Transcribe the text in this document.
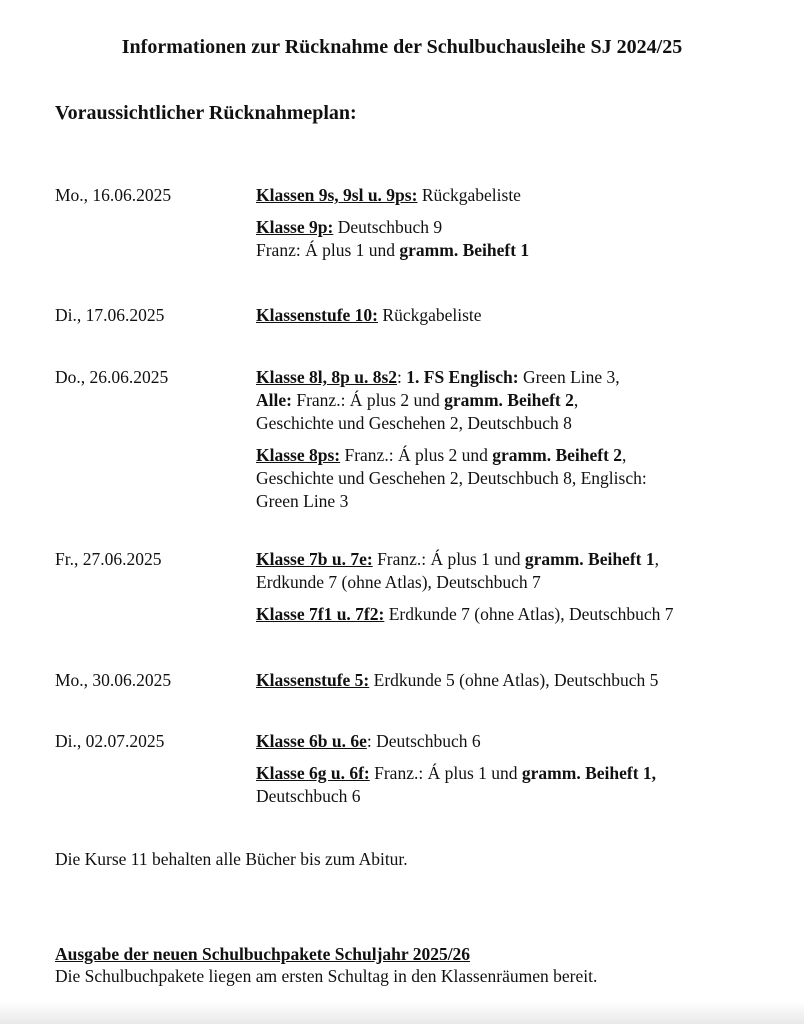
Informationen zur Rücknahme der Schulbuchausleihe SJ 2024/25
Voraussichtlicher Rücknahmeplan:
Mo., 16.06.2025	Klassen 9s, 9sl u. 9ps: Rückgabeliste
Klasse 9p: Deutschbuch 9
Franz: Á plus 1 und gramm. Beiheft 1
Di., 17.06.2025	Klassenstufe 10: Rückgabeliste
Do., 26.06.2025	Klasse 8l, 8p u. 8s2: 1. FS Englisch: Green Line 3,
Alle: Franz.: Á plus 2 und gramm. Beiheft 2,
Geschichte und Geschehen 2, Deutschbuch 8
Klasse 8ps: Franz.: Á plus 2 und gramm. Beiheft 2,
Geschichte und Geschehen 2, Deutschbuch 8, Englisch:
Green Line 3
Fr., 27.06.2025	Klasse 7b u. 7e: Franz.: Á plus 1 und gramm. Beiheft 1,
Erdkunde 7 (ohne Atlas), Deutschbuch 7
Klasse 7f1 u. 7f2: Erdkunde 7 (ohne Atlas), Deutschbuch 7
Mo., 30.06.2025	Klassenstufe 5: Erdkunde 5 (ohne Atlas), Deutschbuch 5
Di., 02.07.2025	Klasse 6b u. 6e: Deutschbuch 6
Klasse 6g u. 6f: Franz.: Á plus 1 und gramm. Beiheft 1,
Deutschbuch 6
Die Kurse 11 behalten alle Bücher bis zum Abitur.
Ausgabe der neuen Schulbuchpakete Schuljahr 2025/26
Die Schulbuchpakete liegen am ersten Schultag in den Klassenräumen bereit.
